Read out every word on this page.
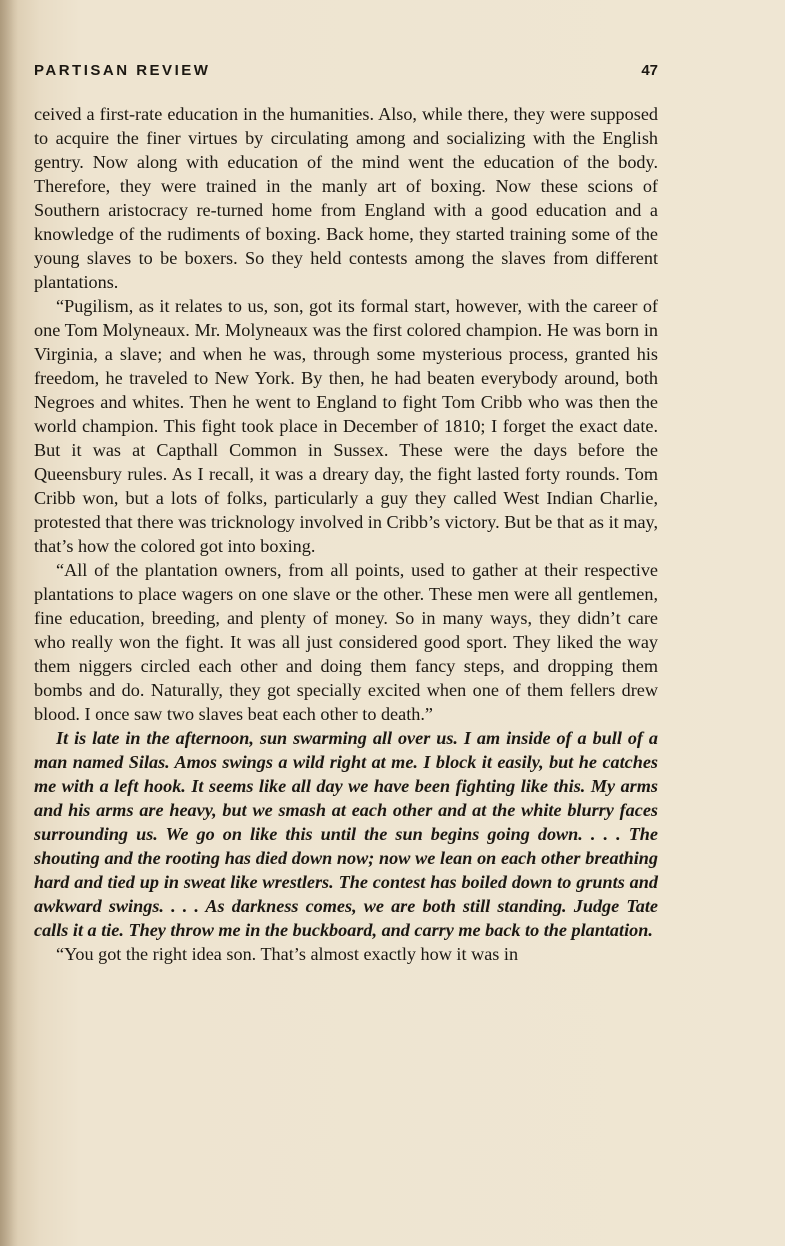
PARTISAN REVIEW	47

ceived a first-rate education in the humanities. Also, while there, they were supposed to acquire the finer virtues by circulating among and socializing with the English gentry. Now along with education of the mind went the education of the body. Therefore, they were trained in the manly art of boxing. Now these scions of Southern aristocracy re-turned home from England with a good education and a knowledge of the rudiments of boxing. Back home, they started training some of the young slaves to be boxers. So they held contests among the slaves from different plantations.

“Pugilism, as it relates to us, son, got its formal start, however, with the career of one Tom Molyneaux. Mr. Molyneaux was the first colored champion. He was born in Virginia, a slave; and when he was, through some mysterious process, granted his freedom, he traveled to New York. By then, he had beaten everybody around, both Negroes and whites. Then he went to England to fight Tom Cribb who was then the world champion. This fight took place in December of 1810; I forget the exact date. But it was at Capthall Common in Sussex. These were the days before the Queensbury rules. As I recall, it was a dreary day, the fight lasted forty rounds. Tom Cribb won, but a lots of folks, particularly a guy they called West Indian Charlie, protested that there was tricknology involved in Cribb’s victory. But be that as it may, that’s how the colored got into boxing.

“All of the plantation owners, from all points, used to gather at their respective plantations to place wagers on one slave or the other. These men were all gentlemen, fine education, breeding, and plenty of money. So in many ways, they didn’t care who really won the fight. It was all just considered good sport. They liked the way them niggers circled each other and doing them fancy steps, and dropping them bombs and do. Naturally, they got specially excited when one of them fellers drew blood. I once saw two slaves beat each other to death.”

It is late in the afternoon, sun swarming all over us. I am inside of a bull of a man named Silas. Amos swings a wild right at me. I block it easily, but he catches me with a left hook. It seems like all day we have been fighting like this. My arms and his arms are heavy, but we smash at each other and at the white blurry faces surrounding us. We go on like this until the sun begins going down. . . . The shouting and the rooting has died down now; now we lean on each other breathing hard and tied up in sweat like wrestlers. The contest has boiled down to grunts and awkward swings. . . . As darkness comes, we are both still standing. Judge Tate calls it a tie. They throw me in the buckboard, and carry me back to the plantation.

“You got the right idea son. That’s almost exactly how it was in
